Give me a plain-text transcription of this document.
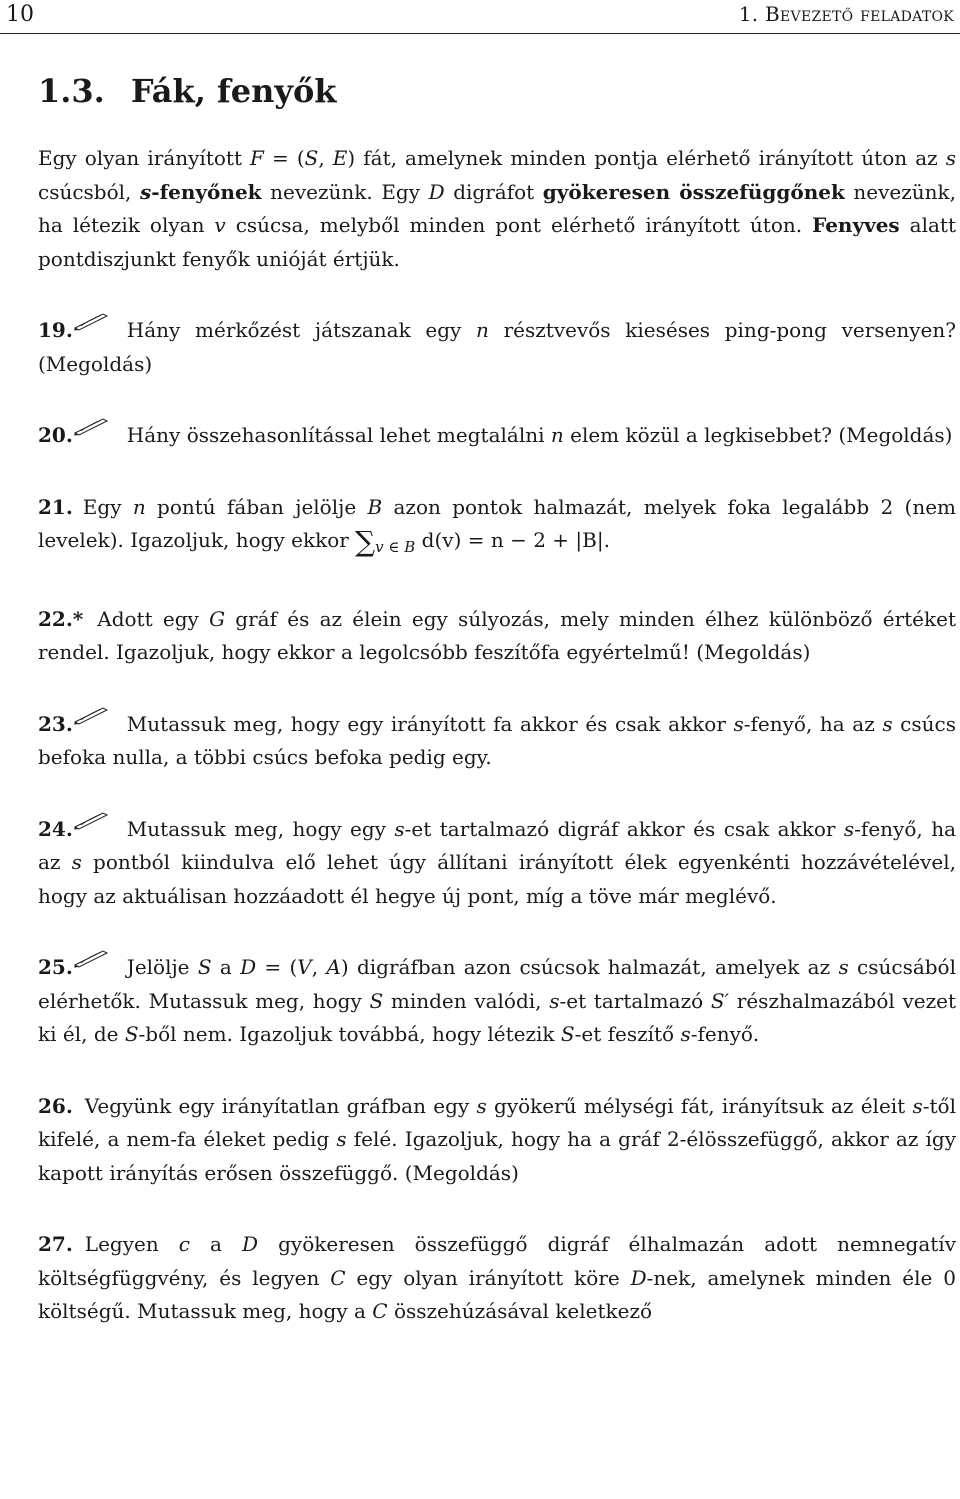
10	1. Bevezető feladatok
1.3. Fák, fenyők

Egy olyan irányított F = (S, E) fát, amelynek minden pontja elérhető irányított úton az s csúcsból, s-fenyőnek nevezünk. Egy D digráfot gyökeresen összefüggőnek nevezünk, ha létezik olyan v csúcsa, melyből minden pont elérhető irányított úton. Fenyves alatt pontdiszjunkt fenyők unióját értjük.

19.	Hány mérkőzést játszanak egy n résztvevős kieséses ping-pong versenyen? (Megoldás)

20.	Hány összehasonlítással lehet megtalálni n elem közül a legkisebbet? (Megoldás)

21. Egy n pontú fában jelölje B azon pontok halmazát, melyek foka legalább 2 (nem levelek). Igazoljuk, hogy ekkor $\sum_{v \in B}$ d(v) = n − 2 + |B|.

22.* Adott egy G gráf és az élein egy súlyozás, mely minden élhez különböző értéket rendel. Igazoljuk, hogy ekkor a legolcsóbb feszítőfa egyértelmű! (Megoldás)

23.	Mutassuk meg, hogy egy irányított fa akkor és csak akkor s-fenyő, ha az s csúcs befoka nulla, a többi csúcs befoka pedig egy.

24.	Mutassuk meg, hogy egy s-et tartalmazó digráf akkor és csak akkor s-fenyő, ha az s pontból kiindulva elő lehet úgy állítani irányított élek egyenkénti hozzávételével, hogy az aktuálisan hozzáadott él hegye új pont, míg a töve már meglévő.

25.	Jelölje S a D = (V, A) digráfban azon csúcsok halmazát, amelyek az s csúcsából elérhetők. Mutassuk meg, hogy S minden valódi, s-et tartalmazó S′ részhalmazából vezet ki él, de S-ből nem. Igazoljuk továbbá, hogy létezik S-et feszítő s-fenyő.

26. Vegyünk egy irányítatlan gráfban egy s gyökerű mélységi fát, irányítsuk az éleit s-től kifelé, a nem-fa éleket pedig s felé. Igazoljuk, hogy ha a gráf 2-élösszefüggő, akkor az így kapott irányítás erősen összefüggő. (Megoldás)

27. Legyen c a D gyökeresen összefüggő digráf élhalmazán adott nemnegatív költségfüggvény, és legyen C egy olyan irányított köre D-nek, amelynek minden éle 0 költségű. Mutassuk meg, hogy a C összehúzásával keletkező
